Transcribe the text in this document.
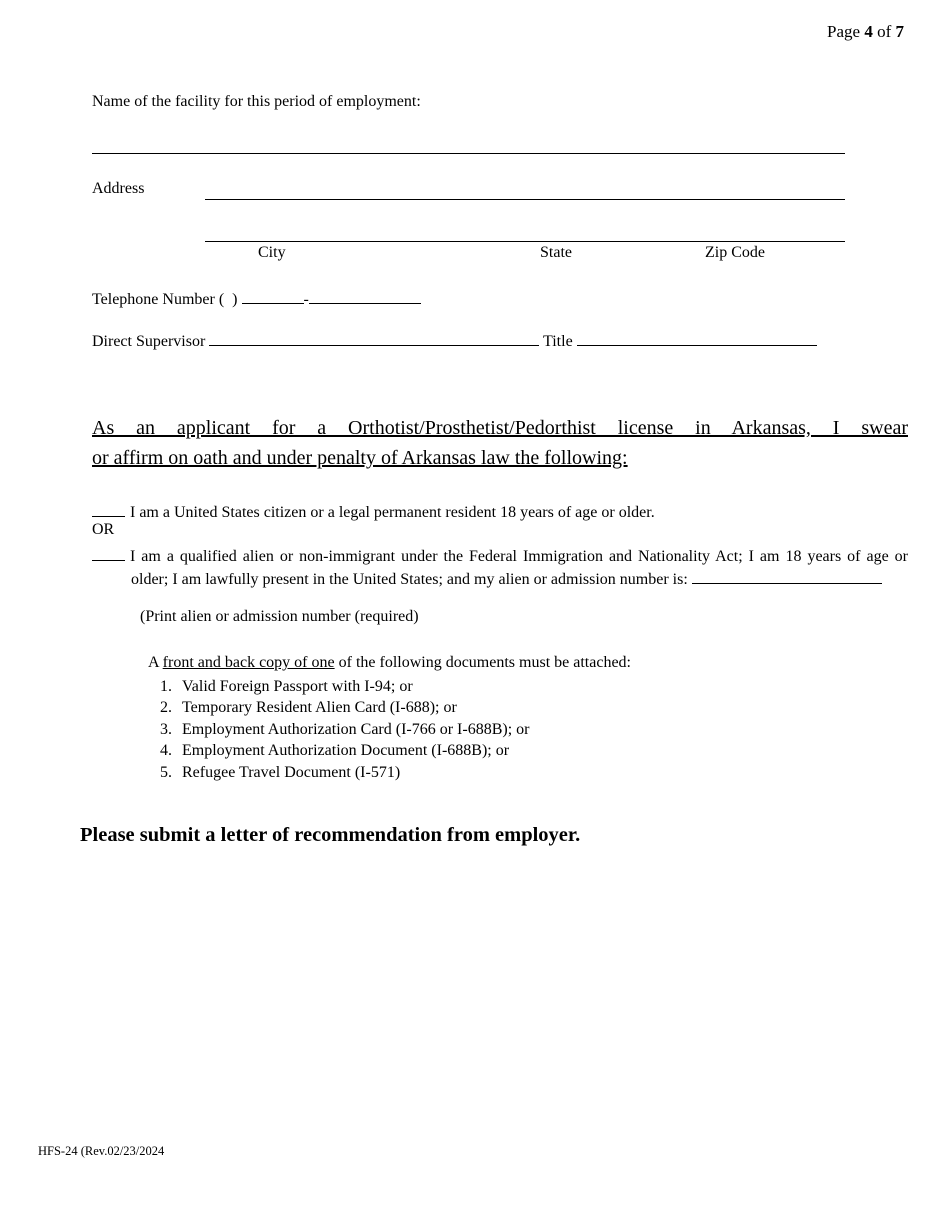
Page 4 of 7
Name of the facility for this period of employment:
Address
City	State	Zip Code
Telephone Number (  )	-
Direct Supervisor	Title
As an applicant for a Orthotist/Prosthetist/Pedorthist license in Arkansas, I swear
or affirm on oath and under penalty of Arkansas law the following:
I am a United States citizen or a legal permanent resident 18 years of age or older.
OR
I am a qualified alien or non-immigrant under the Federal Immigration and Nationality Act; I am 18 years of age or older; I am lawfully present in the United States; and my alien or admission number is:
(Print alien or admission number (required)
A front and back copy of one of the following documents must be attached:
1. Valid Foreign Passport with I-94; or
2. Temporary Resident Alien Card (I-688); or
3. Employment Authorization Card (I-766 or I-688B); or
4. Employment Authorization Document (I-688B); or
5. Refugee Travel Document (I-571)
Please submit a letter of recommendation from employer.
HFS-24 (Rev.02/23/2024
